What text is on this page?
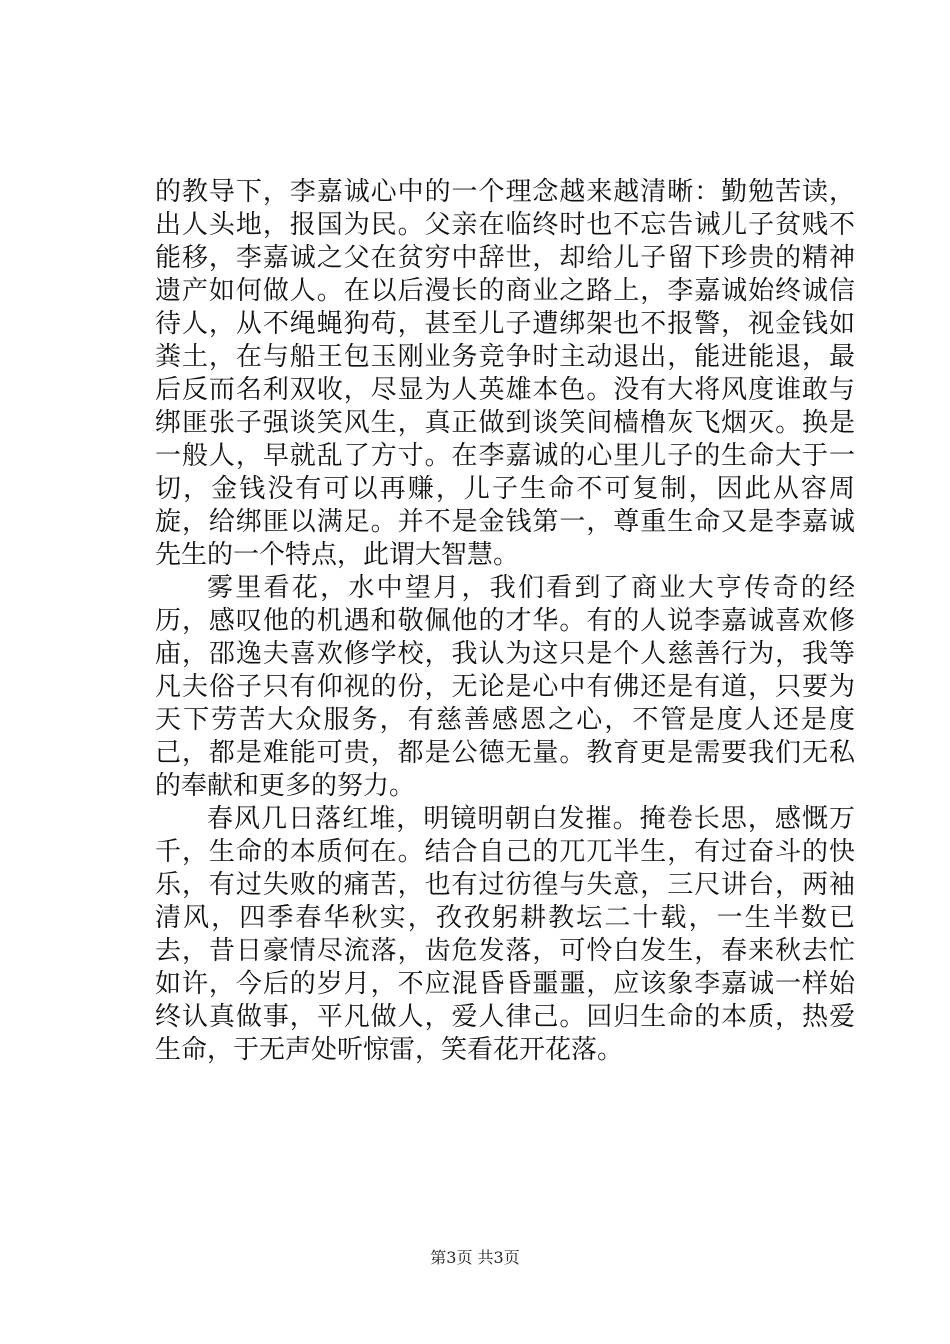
的教导下，李嘉诚心中的一个理念越来越清晰：勤勉苦读，出人头地，报国为民。父亲在临终时也不忘告诫儿子贫贱不能移，李嘉诚之父在贫穷中辞世，却给儿子留下珍贵的精神遗产如何做人。在以后漫长的商业之路上，李嘉诚始终诚信待人，从不绳蝇狗苟，甚至儿子遭绑架也不报警，视金钱如粪土，在与船王包玉刚业务竞争时主动退出，能进能退，最后反而名利双收，尽显为人英雄本色。没有大将风度谁敢与绑匪张子强谈笑风生，真正做到谈笑间樯橹灰飞烟灭。换是一般人，早就乱了方寸。在李嘉诚的心里儿子的生命大于一切，金钱没有可以再赚，儿子生命不可复制，因此从容周旋，给绑匪以满足。并不是金钱第一，尊重生命又是李嘉诚先生的一个特点，此谓大智慧。

雾里看花，水中望月，我们看到了商业大亨传奇的经历，感叹他的机遇和敬佩他的才华。有的人说李嘉诚喜欢修庙，邵逸夫喜欢修学校，我认为这只是个人慈善行为，我等凡夫俗子只有仰视的份，无论是心中有佛还是有道，只要为天下劳苦大众服务，有慈善感恩之心，不管是度人还是度己，都是难能可贵，都是公德无量。教育更是需要我们无私的奉献和更多的努力。

春风几日落红堆，明镜明朝白发摧。掩卷长思，感慨万千，生命的本质何在。结合自己的兀兀半生，有过奋斗的快乐，有过失败的痛苦，也有过彷徨与失意，三尺讲台，两袖清风，四季春华秋实，孜孜躬耕教坛二十载，一生半数已去，昔日豪情尽流落，齿危发落，可怜白发生，春来秋去忙如许，今后的岁月，不应混昏昏噩噩，应该象李嘉诚一样始终认真做事，平凡做人，爱人律己。回归生命的本质，热爱生命，于无声处听惊雷，笑看花开花落。

第3页 共3页
